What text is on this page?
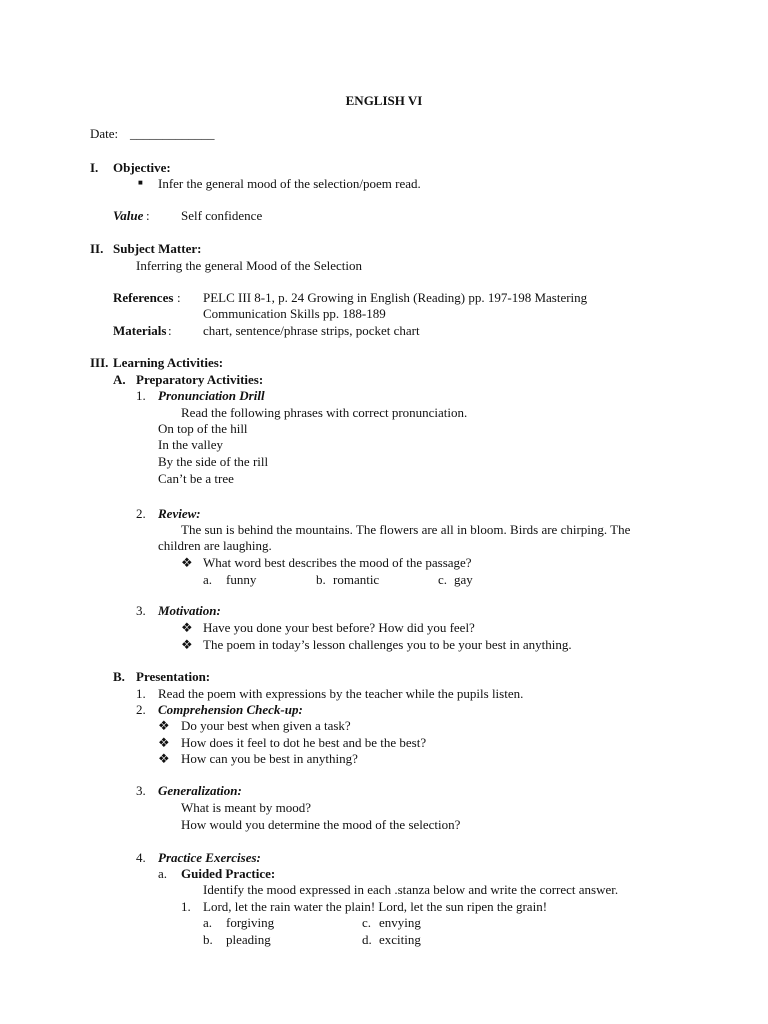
ENGLISH VI
Date: _____________
I. Objective:
■ Infer the general mood of the selection/poem read.
Value : Self confidence
II. Subject Matter:
Inferring the general Mood of the Selection
References : PELC III 8-1, p. 24 Growing in English (Reading) pp. 197-198 Mastering
Communication Skills pp. 188-189
Materials : chart, sentence/phrase strips, pocket chart
III. Learning Activities:
A. Preparatory Activities:
1. Pronunciation Drill
Read the following phrases with correct pronunciation.
On top of the hill
In the valley
By the side of the rill
Can’t be a tree
2. Review:
The sun is behind the mountains. The flowers are all in bloom. Birds are chirping. The
children are laughing.
❖ What word best describes the mood of the passage?
a. funny	b. romantic	c. gay
3. Motivation:
❖ Have you done your best before? How did you feel?
❖ The poem in today’s lesson challenges you to be your best in anything.
B. Presentation:
1. Read the poem with expressions by the teacher while the pupils listen.
2. Comprehension Check-up:
❖ Do your best when given a task?
❖ How does it feel to dot he best and be the best?
❖ How can you be best in anything?
3. Generalization:
What is meant by mood?
How would you determine the mood of the selection?
4. Practice Exercises:
a. Guided Practice:
Identify the mood expressed in each .stanza below and write the correct answer.
1. Lord, let the rain water the plain! Lord, let the sun ripen the grain!
a. forgiving	c. envying
b. pleading	d. exciting
